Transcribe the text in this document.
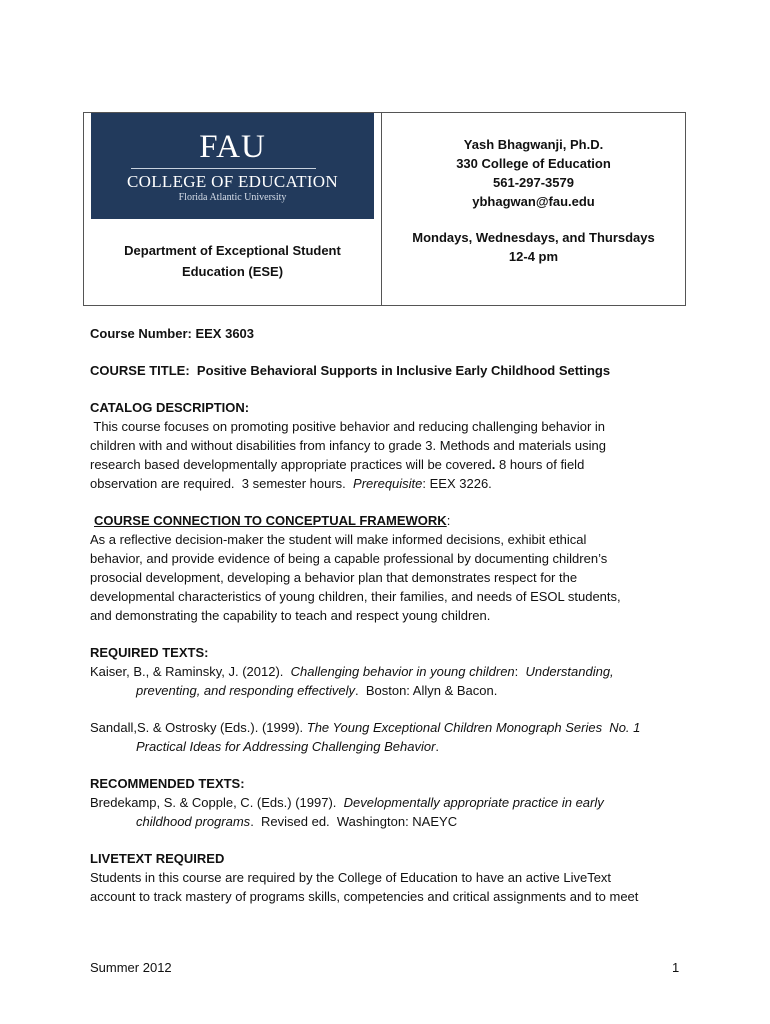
FAU
COLLEGE OF EDUCATION
Florida Atlantic University
Department of Exceptional Student
Education (ESE)
Yash Bhagwanji, Ph.D.
330 College of Education
561-297-3579
ybhagwan@fau.edu
Mondays, Wednesdays, and Thursdays
12-4 pm

Course Number: EEX 3603

COURSE TITLE: Positive Behavioral Supports in Inclusive Early Childhood Settings

CATALOG DESCRIPTION:

This course focuses on promoting positive behavior and reducing challenging behavior in

children with and without disabilities from infancy to grade 3. Methods and materials using

research based developmentally appropriate practices will be covered. 8 hours of field

observation are required.  3 semester hours.  Prerequisite: EEX 3226.

COURSE CONNECTION TO CONCEPTUAL FRAMEWORK:

As a reflective decision-maker the student will make informed decisions, exhibit ethical

behavior, and provide evidence of being a capable professional by documenting children’s

prosocial development, developing a behavior plan that demonstrates respect for the

developmental characteristics of young children, their families, and needs of ESOL students,

and demonstrating the capability to teach and respect young children.

REQUIRED TEXTS:

Kaiser, B., & Raminsky, J. (2012).  Challenging behavior in young children:  Understanding,

preventing, and responding effectively.  Boston: Allyn & Bacon.

Sandall,S. & Ostrosky (Eds.). (1999). The Young Exceptional Children Monograph Series  No. 1

Practical Ideas for Addressing Challenging Behavior.

RECOMMENDED TEXTS:

Bredekamp, S. & Copple, C. (Eds.) (1997).  Developmentally appropriate practice in early

childhood programs.  Revised ed.  Washington: NAEYC

LIVETEXT REQUIRED

Students in this course are required by the College of Education to have an active LiveText

account to track mastery of programs skills, competencies and critical assignments and to meet

Summer 2012	1
